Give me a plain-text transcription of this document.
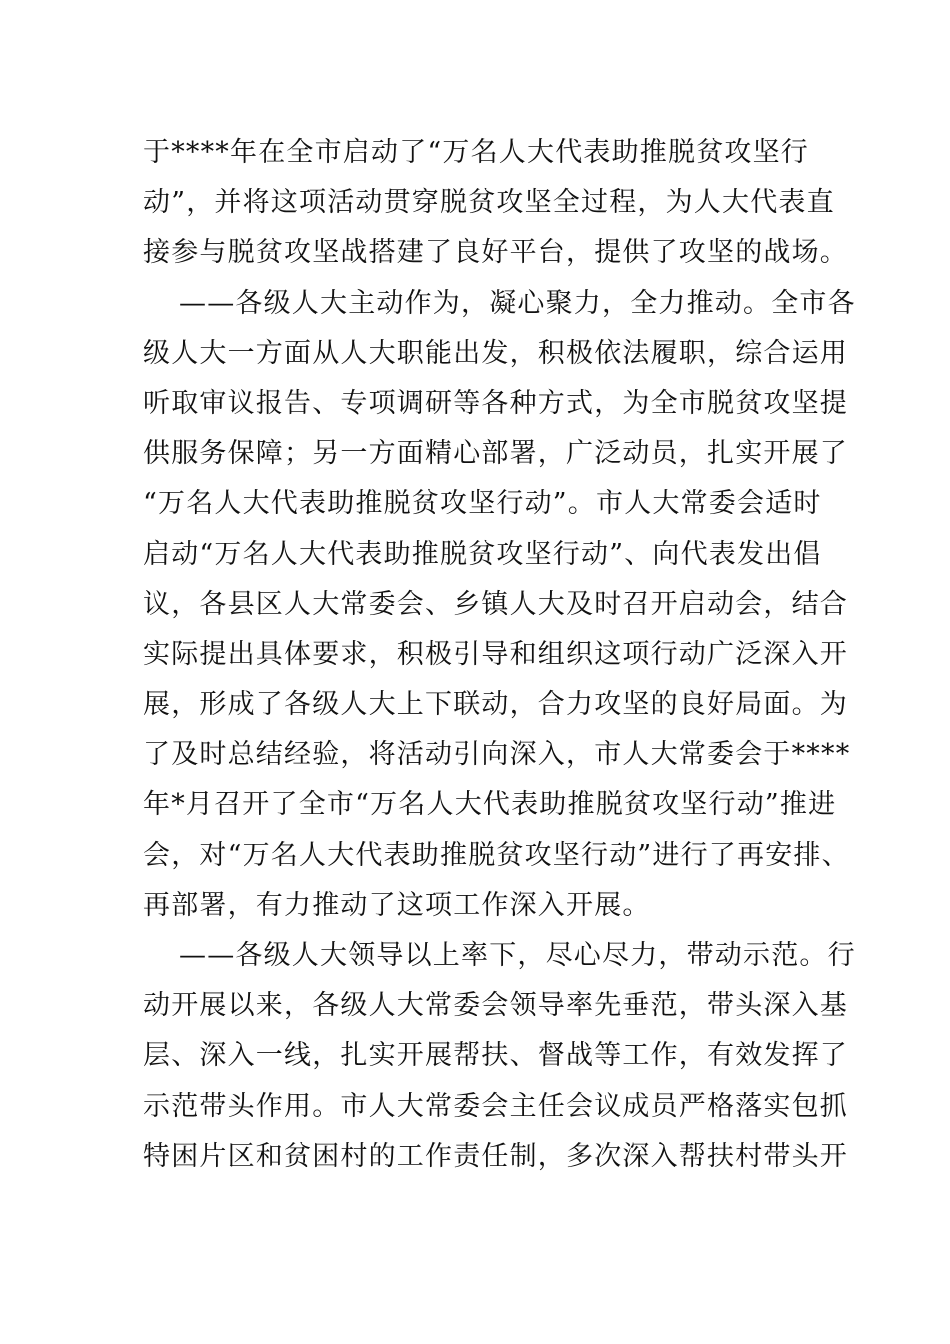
于****年在全市启动了“万名人大代表助推脱贫攻坚行
动”，并将这项活动贯穿脱贫攻坚全过程，为人大代表直
接参与脱贫攻坚战搭建了良好平台，提供了攻坚的战场。
——各级人大主动作为，凝心聚力，全力推动。全市各
级人大一方面从人大职能出发，积极依法履职，综合运用
听取审议报告、专项调研等各种方式，为全市脱贫攻坚提
供服务保障；另一方面精心部署，广泛动员，扎实开展了
“万名人大代表助推脱贫攻坚行动”。市人大常委会适时
启动“万名人大代表助推脱贫攻坚行动”、向代表发出倡
议，各县区人大常委会、乡镇人大及时召开启动会，结合
实际提出具体要求，积极引导和组织这项行动广泛深入开
展，形成了各级人大上下联动，合力攻坚的良好局面。为
了及时总结经验，将活动引向深入，市人大常委会于****
年*月召开了全市“万名人大代表助推脱贫攻坚行动”推进
会，对“万名人大代表助推脱贫攻坚行动”进行了再安排、
再部署，有力推动了这项工作深入开展。
——各级人大领导以上率下，尽心尽力，带动示范。行
动开展以来，各级人大常委会领导率先垂范，带头深入基
层、深入一线，扎实开展帮扶、督战等工作，有效发挥了
示范带头作用。市人大常委会主任会议成员严格落实包抓
特困片区和贫困村的工作责任制，多次深入帮扶村带头开
